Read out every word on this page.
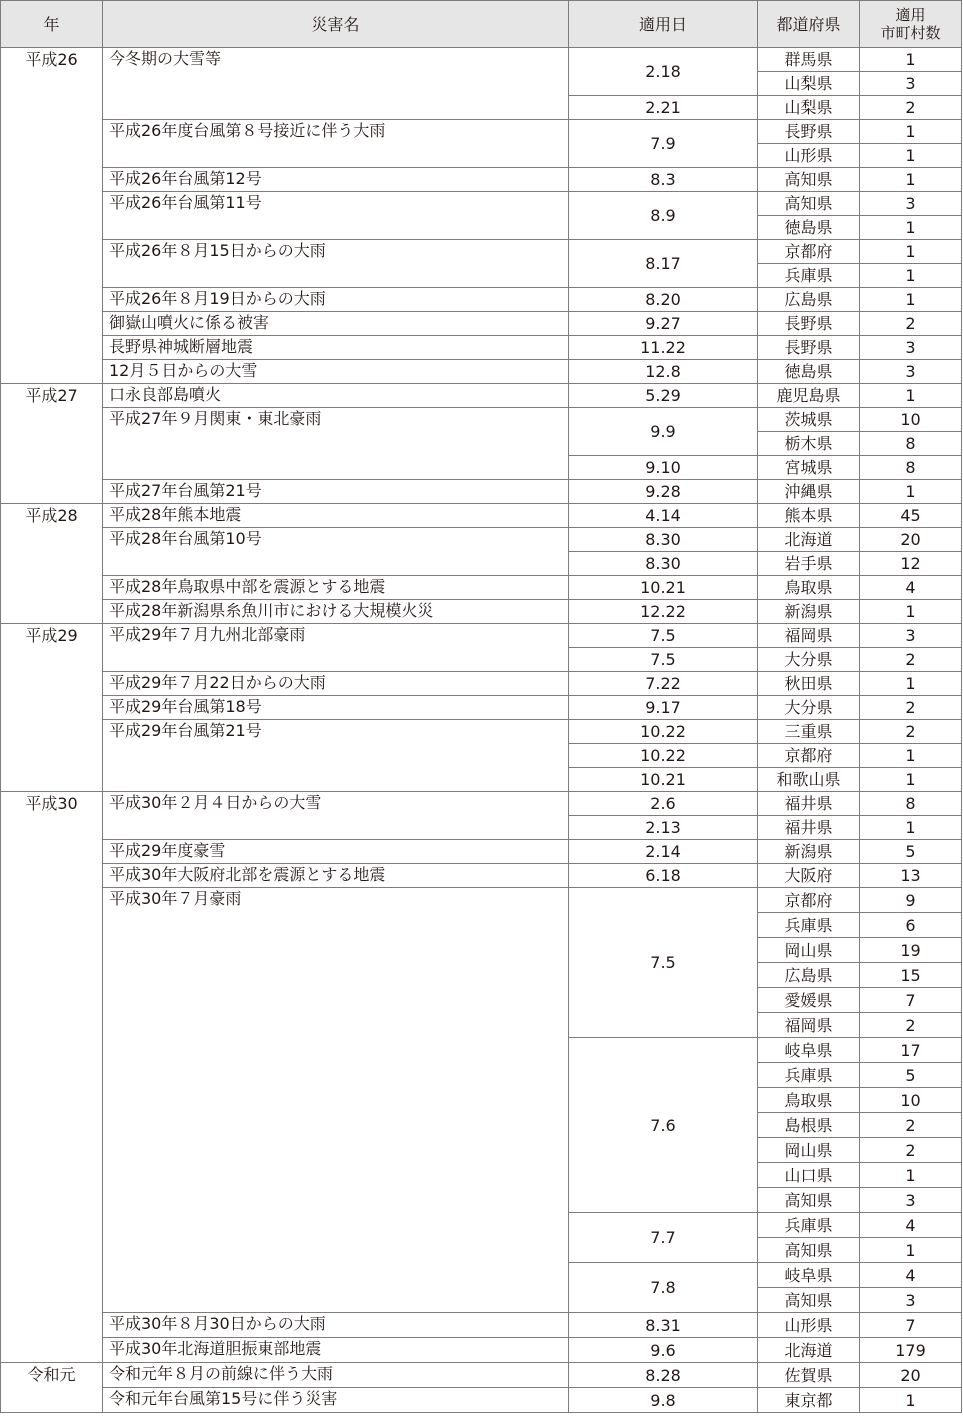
年	災害名	適用日	都道府県	適用
市町村数

平成26	今冬期の大雪等	2.18	群馬県	1
			山梨県	3
		2.21	山梨県	2
	平成26年度台風第８号接近に伴う大雨	7.9	長野県	1
			山形県	1
	平成26年台風第12号	8.3	高知県	1
	平成26年台風第11号	8.9	高知県	3
			徳島県	1
	平成26年８月15日からの大雨	8.17	京都府	1
			兵庫県	1
	平成26年８月19日からの大雨	8.20	広島県	1
	御嶽山噴火に係る被害	9.27	長野県	2
	長野県神城断層地震	11.22	長野県	3
	12月５日からの大雪	12.8	徳島県	3
平成27	口永良部島噴火	5.29	鹿児島県	1
	平成27年９月関東・東北豪雨	9.9	茨城県	10
			栃木県	8
		9.10	宮城県	8
	平成27年台風第21号	9.28	沖縄県	1
平成28	平成28年熊本地震	4.14	熊本県	45
	平成28年台風第10号	8.30	北海道	20
		8.30	岩手県	12
	平成28年鳥取県中部を震源とする地震	10.21	鳥取県	4
	平成28年新潟県糸魚川市における大規模火災	12.22	新潟県	1
平成29	平成29年７月九州北部豪雨	7.5	福岡県	3
		7.5	大分県	2
	平成29年７月22日からの大雨	7.22	秋田県	1
	平成29年台風第18号	9.17	大分県	2
	平成29年台風第21号	10.22	三重県	2
		10.22	京都府	1
		10.21	和歌山県	1
平成30	平成30年２月４日からの大雪	2.6	福井県	8
		2.13	福井県	1
	平成29年度豪雪	2.14	新潟県	5
	平成30年大阪府北部を震源とする地震	6.18	大阪府	13
	平成30年７月豪雨	7.5	京都府	9
			兵庫県	6
			岡山県	19
			広島県	15
			愛媛県	7
			福岡県	2
		7.6	岐阜県	17
			兵庫県	5
			鳥取県	10
			島根県	2
			岡山県	2
			山口県	1
			高知県	3
		7.7	兵庫県	4
			高知県	1
		7.8	岐阜県	4
			高知県	3
	平成30年８月30日からの大雨	8.31	山形県	7
	平成30年北海道胆振東部地震	9.6	北海道	179
令和元	令和元年８月の前線に伴う大雨	8.28	佐賀県	20
	令和元年台風第15号に伴う災害	9.8	東京都	1
